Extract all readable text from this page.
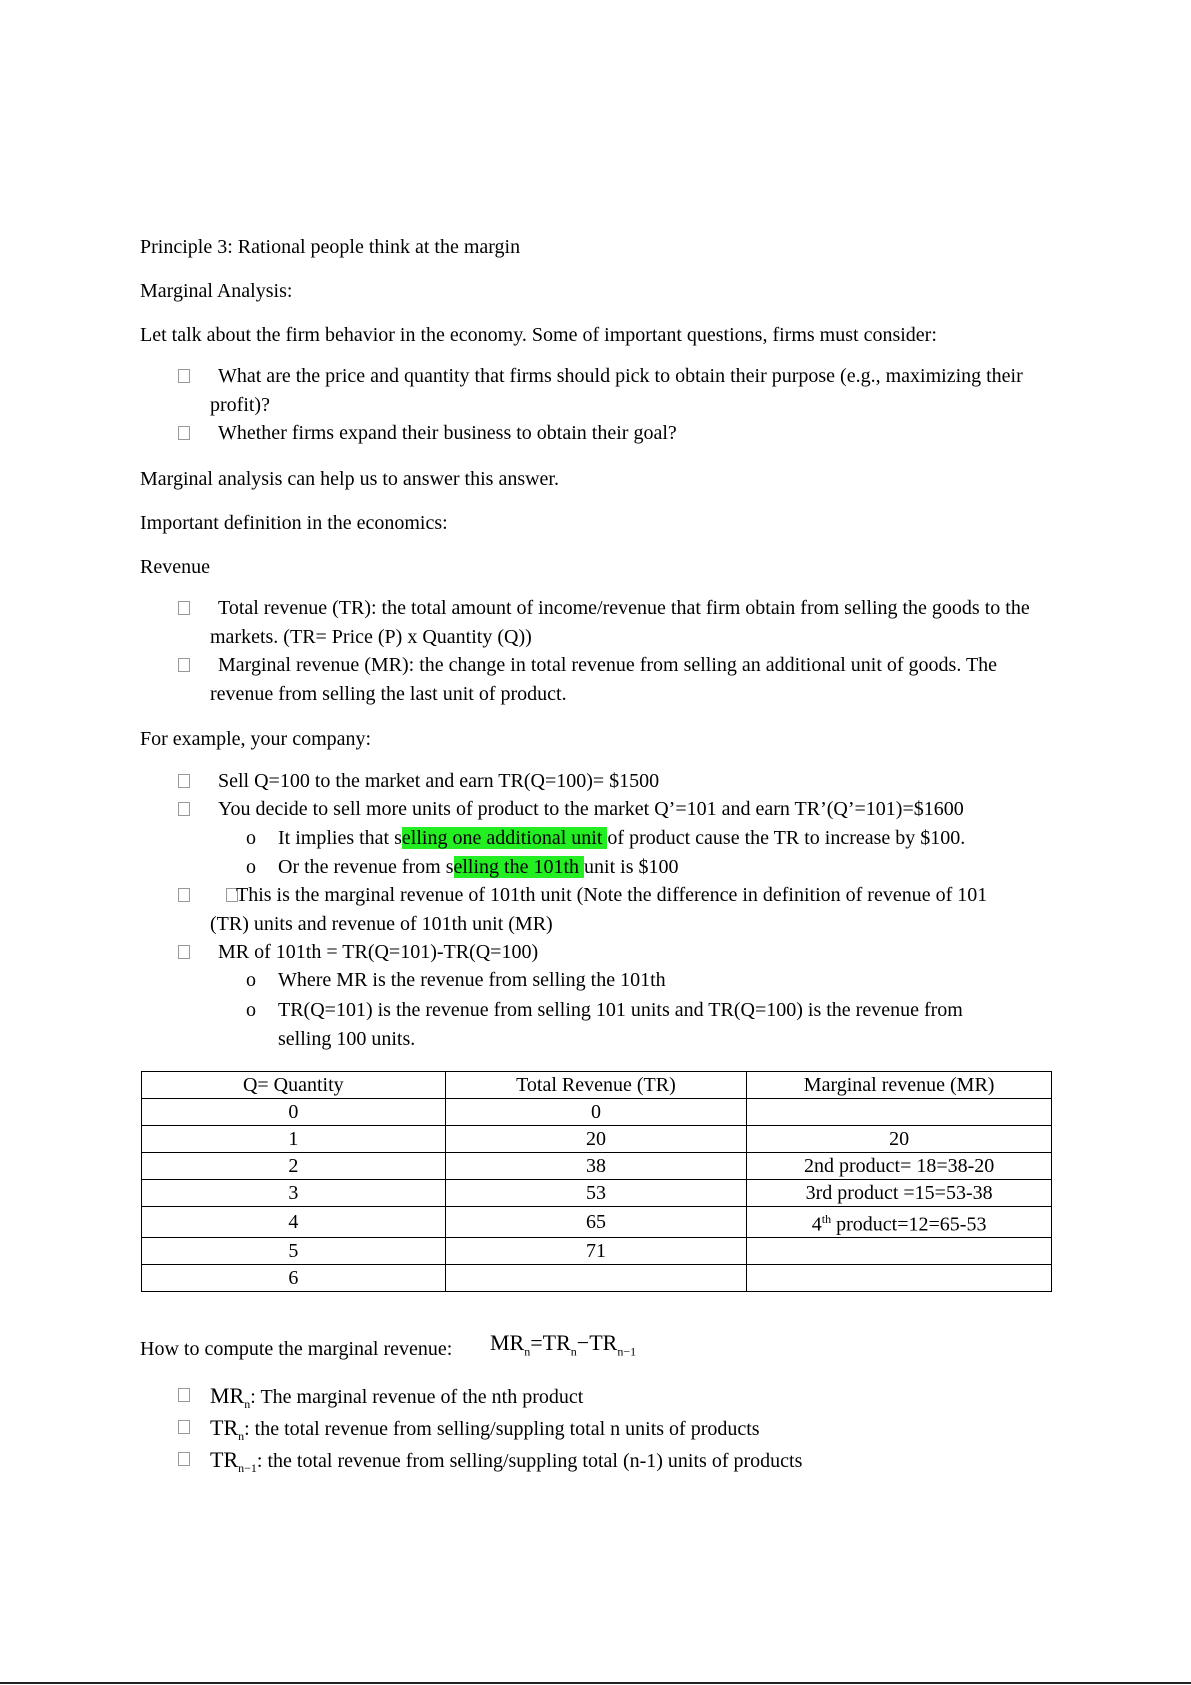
Principle 3: Rational people think at the margin
Marginal Analysis:
Let talk about the firm behavior in the economy. Some of important questions, firms must consider:
What are the price and quantity that firms should pick to obtain their purpose (e.g., maximizing their profit)?
Whether firms expand their business to obtain their goal?
Marginal analysis can help us to answer this answer.
Important definition in the economics:
Revenue
Total revenue (TR): the total amount of income/revenue that firm obtain from selling the goods to the markets. (TR= Price (P) x Quantity (Q))
Marginal revenue (MR): the change in total revenue from selling an additional unit of goods. The revenue from selling the last unit of product.
For example, your company:
Sell Q=100 to the market and earn TR(Q=100)= $1500
You decide to sell more units of product to the market Q’=101 and earn TR’(Q’=101)=$1600
o It implies that selling one additional unit of product cause the TR to increase by $100.
o Or the revenue from selling the 101th unit is $100
This is the marginal revenue of 101th unit (Note the difference in definition of revenue of 101
(TR) units and revenue of 101th unit (MR)
MR of 101th = TR(Q=101)-TR(Q=100)
o Where MR is the revenue from selling the 101th
o TR(Q=101) is the revenue from selling 101 units and TR(Q=100) is the revenue from
selling 100 units.
Q= Quantity	Total Revenue (TR)	Marginal revenue (MR)
0	0	
1	20	20
2	38	2nd product= 18=38-20
3	53	3rd product =15=53-38
4	65	4th product=12=65-53
5	71	
6		
How to compute the marginal revenue: $MR_n=TR_n-TR_{n-1}$
$MR_n$: The marginal revenue of the nth product
$TR_n$: the total revenue from selling/suppling total n units of products
$TR_{n-1}$: the total revenue from selling/suppling total (n-1) units of products
